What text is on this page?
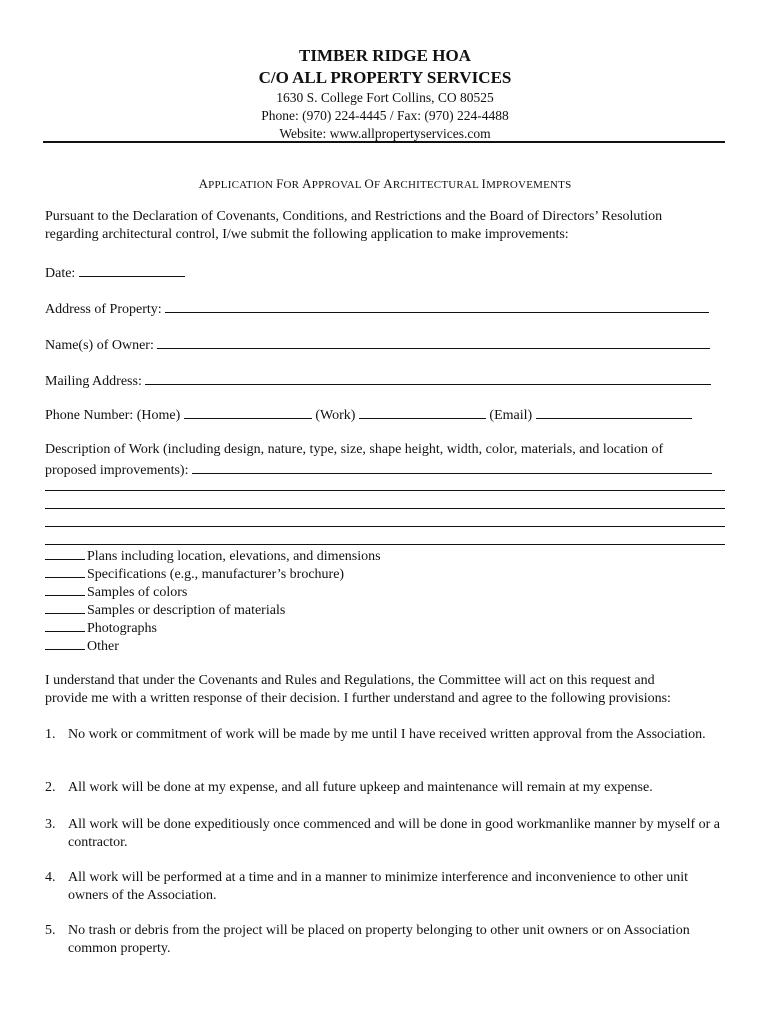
TIMBER RIDGE HOA
C/O ALL PROPERTY SERVICES
1630 S. College Fort Collins, CO 80525
Phone: (970) 224-4445 / Fax: (970) 224-4488
Website: www.allpropertyservices.com
APPLICATION FOR APPROVAL OF ARCHITECTURAL IMPROVEMENTS
Pursuant to the Declaration of Covenants, Conditions, and Restrictions and the Board of Directors’ Resolution
regarding architectural control, I/we submit the following application to make improvements:
Date:
Address of Property:
Name(s) of Owner:
Mailing Address:
Phone Number: (Home)	(Work)	(Email)
Description of Work (including design, nature, type, size, shape height, width, color, materials, and location of
proposed improvements):
Plans including location, elevations, and dimensions
Specifications (e.g., manufacturer’s brochure)
Samples of colors
Samples or description of materials
Photographs
Other
I understand that under the Covenants and Rules and Regulations, the Committee will act on this request and
provide me with a written response of their decision. I further understand and agree to the following provisions:
1. No work or commitment of work will be made by me until I have received written approval from the Association.
2. All work will be done at my expense, and all future upkeep and maintenance will remain at my expense.
3. All work will be done expeditiously once commenced and will be done in good workmanlike manner by myself or a contractor.
4. All work will be performed at a time and in a manner to minimize interference and inconvenience to other unit owners of the Association.
5. No trash or debris from the project will be placed on property belonging to other unit owners or on Association common property.
